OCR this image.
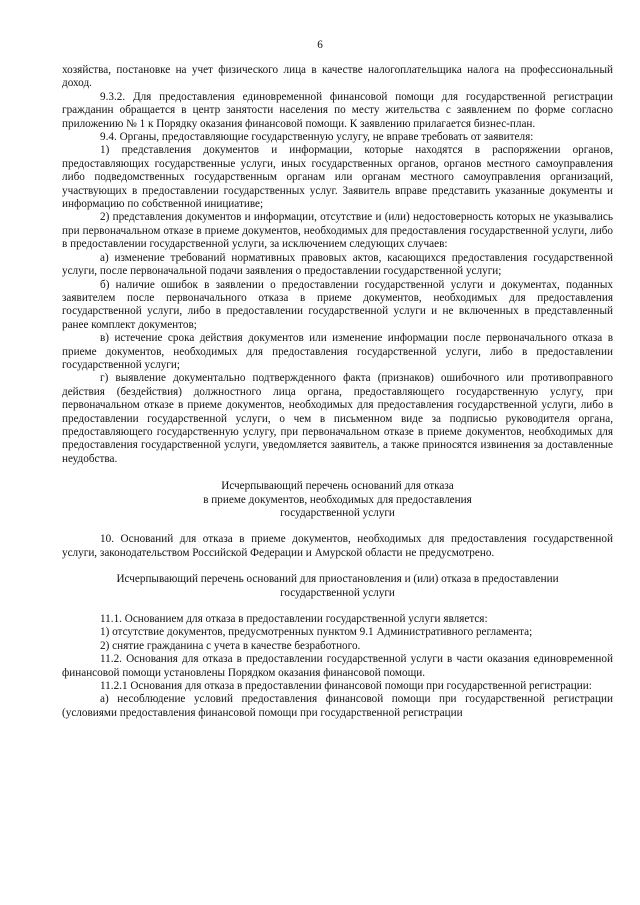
6

хозяйства, постановке на учет физического лица в качестве налогоплательщика налога на профессиональный доход.

9.3.2. Для предоставления единовременной финансовой помощи для государственной регистрации гражданин обращается в центр занятости населения по месту жительства с заявлением по форме согласно приложению № 1 к Порядку оказания финансовой помощи. К заявлению прилагается бизнес-план.

9.4. Органы, предоставляющие государственную услугу, не вправе требовать от заявителя:

1) представления документов и информации, которые находятся в распоряжении органов, предоставляющих государственные услуги, иных государственных органов, органов местного самоуправления либо подведомственных государственным органам или органам местного самоуправления организаций, участвующих в предоставлении государственных услуг. Заявитель вправе представить указанные документы и информацию по собственной инициативе;

2) представления документов и информации, отсутствие и (или) недостоверность которых не указывались при первоначальном отказе в приеме документов, необходимых для предоставления государственной услуги, либо в предоставлении государственной услуги, за исключением следующих случаев:

а) изменение требований нормативных правовых актов, касающихся предоставления государственной услуги, после первоначальной подачи заявления о предоставлении государственной услуги;

б) наличие ошибок в заявлении о предоставлении государственной услуги и документах, поданных заявителем после первоначального отказа в приеме документов, необходимых для предоставления государственной услуги, либо в предоставлении государственной услуги и не включенных в представленный ранее комплект документов;

в) истечение срока действия документов или изменение информации после первоначального отказа в приеме документов, необходимых для предоставления государственной услуги, либо в предоставлении государственной услуги;

г) выявление документально подтвержденного факта (признаков) ошибочного или противоправного действия (бездействия) должностного лица органа, предоставляющего государственную услугу, при первоначальном отказе в приеме документов, необходимых для предоставления государственной услуги, либо в предоставлении государственной услуги, о чем в письменном виде за подписью руководителя органа, предоставляющего государственную услугу, при первоначальном отказе в приеме документов, необходимых для предоставления государственной услуги, уведомляется заявитель, а также приносятся извинения за доставленные неудобства.

Исчерпывающий перечень оснований для отказа
в приеме документов, необходимых для предоставления
государственной услуги

10. Оснований для отказа в приеме документов, необходимых для предоставления государственной услуги, законодательством Российской Федерации и Амурской области не предусмотрено.

Исчерпывающий перечень оснований для приостановления и (или) отказа в предоставлении
государственной услуги

11.1. Основанием для отказа в предоставлении государственной услуги является:

1) отсутствие документов, предусмотренных пунктом 9.1 Административного регламента;

2) снятие гражданина с учета в качестве безработного.

11.2. Основания для отказа в предоставлении государственной услуги в части оказания единовременной финансовой помощи установлены Порядком оказания финансовой помощи.

11.2.1 Основания для отказа в предоставлении финансовой помощи при государственной регистрации:

а) несоблюдение условий предоставления финансовой помощи при государственной регистрации (условиями предоставления финансовой помощи при государственной регистрации
